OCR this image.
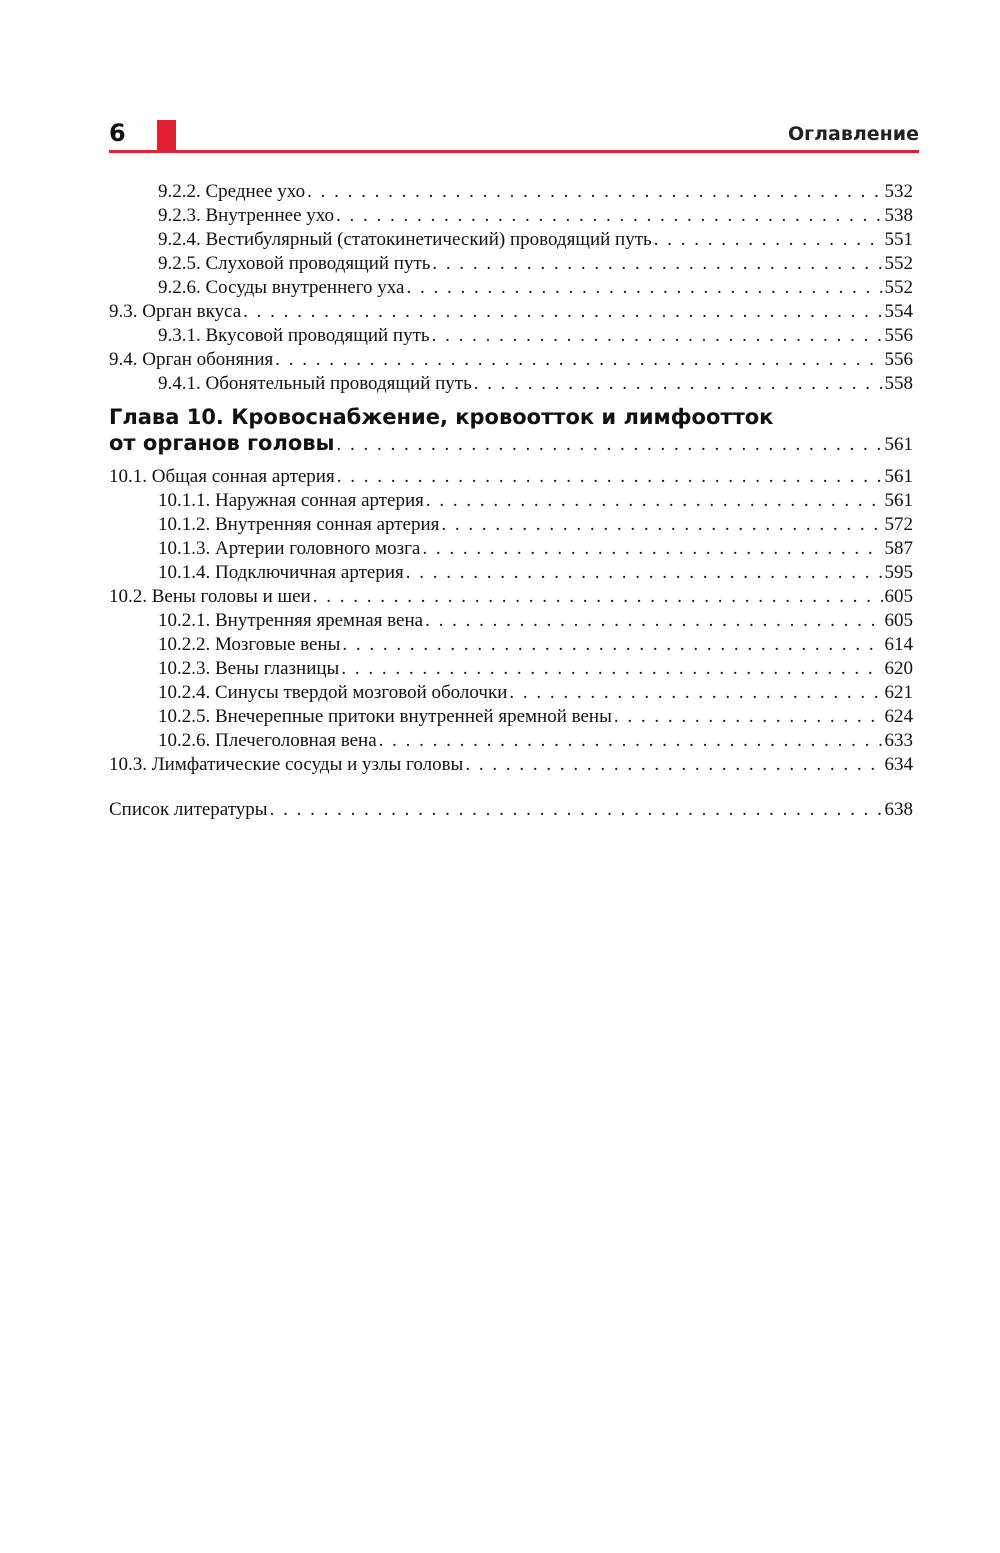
6	Оглавление
9.2.2. Среднее ухо . . .	532
9.2.3. Внутреннее ухо . . .	538
9.2.4. Вестибулярный (статокинетический) проводящий путь . . .	551
9.2.5. Слуховой проводящий путь . . .	552
9.2.6. Сосуды внутреннего уха . . .	552
9.3. Орган вкуса . . .	554
9.3.1. Вкусовой проводящий путь . . .	556
9.4. Орган обоняния . . .	556
9.4.1. Обонятельный проводящий путь . . .	558
Глава 10. Кровоснабжение, кровоотток и лимфоотток
от органов головы . . .	561
10.1. Общая сонная артерия . . .	561
10.1.1. Наружная сонная артерия . . .	561
10.1.2. Внутренняя сонная артерия . . .	572
10.1.3. Артерии головного мозга . . .	587
10.1.4. Подключичная артерия . . .	595
10.2. Вены головы и шеи . . .	605
10.2.1. Внутренняя яремная вена . . .	605
10.2.2. Мозговые вены . . .	614
10.2.3. Вены глазницы . . .	620
10.2.4. Синусы твердой мозговой оболочки . . .	621
10.2.5. Внечерепные притоки внутренней яремной вены . . .	624
10.2.6. Плечеголовная вена . . .	633
10.3. Лимфатические сосуды и узлы головы . . .	634
Список литературы . . .	638
